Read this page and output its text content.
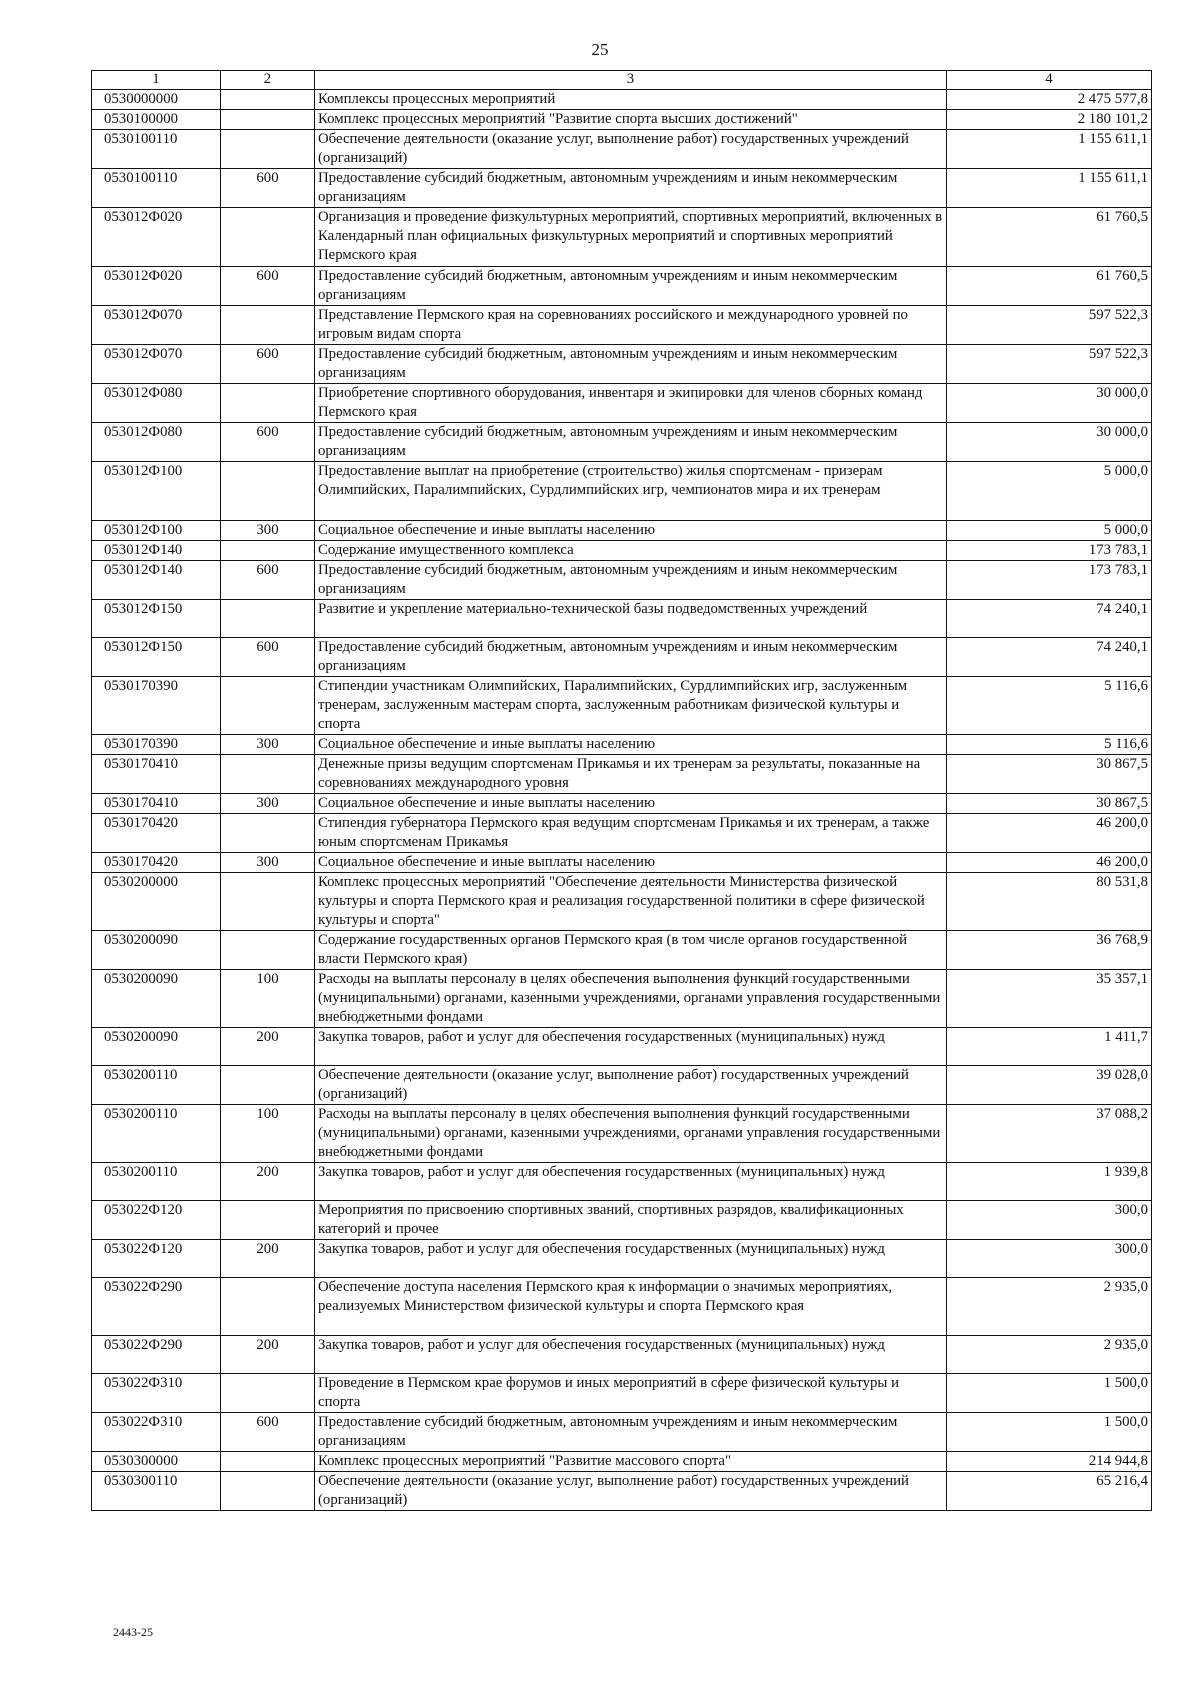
25
1	2	3	4
0530000000		Комплексы процессных мероприятий	2 475 577,8
0530100000		Комплекс процессных мероприятий "Развитие спорта высших достижений"	2 180 101,2
0530100110		Обеспечение деятельности (оказание услуг, выполнение работ) государственных учреждений (организаций)	1 155 611,1
0530100110	600	Предоставление субсидий бюджетным, автономным учреждениям и иным некоммерческим организациям	1 155 611,1
053012Ф020		Организация и проведение физкультурных мероприятий, спортивных мероприятий, включенных в Календарный план официальных физкультурных мероприятий и спортивных мероприятий Пермского края	61 760,5
053012Ф020	600	Предоставление субсидий бюджетным, автономным учреждениям и иным некоммерческим организациям	61 760,5
053012Ф070		Представление Пермского края на соревнованиях российского и международного уровней по игровым видам спорта	597 522,3
053012Ф070	600	Предоставление субсидий бюджетным, автономным учреждениям и иным некоммерческим организациям	597 522,3
053012Ф080		Приобретение спортивного оборудования, инвентаря и экипировки для членов сборных команд Пермского края	30 000,0
053012Ф080	600	Предоставление субсидий бюджетным, автономным учреждениям и иным некоммерческим организациям	30 000,0
053012Ф100		Предоставление выплат на приобретение (строительство) жилья спортсменам - призерам Олимпийских, Паралимпийских, Сурдлимпийских игр, чемпионатов мира и их тренерам	5 000,0
053012Ф100	300	Социальное обеспечение и иные выплаты населению	5 000,0
053012Ф140		Содержание имущественного комплекса	173 783,1
053012Ф140	600	Предоставление субсидий бюджетным, автономным учреждениям и иным некоммерческим организациям	173 783,1
053012Ф150		Развитие и укрепление материально-технической базы подведомственных учреждений	74 240,1
053012Ф150	600	Предоставление субсидий бюджетным, автономным учреждениям и иным некоммерческим организациям	74 240,1
0530170390		Стипендии участникам Олимпийских, Паралимпийских, Сурдлимпийских игр, заслуженным тренерам, заслуженным мастерам спорта, заслуженным работникам физической культуры и спорта	5 116,6
0530170390	300	Социальное обеспечение и иные выплаты населению	5 116,6
0530170410		Денежные призы ведущим спортсменам Прикамья и их тренерам за результаты, показанные на соревнованиях международного уровня	30 867,5
0530170410	300	Социальное обеспечение и иные выплаты населению	30 867,5
0530170420		Стипендия губернатора Пермского края ведущим спортсменам Прикамья и их тренерам, а также юным спортсменам Прикамья	46 200,0
0530170420	300	Социальное обеспечение и иные выплаты населению	46 200,0
0530200000		Комплекс процессных мероприятий "Обеспечение деятельности Министерства физической культуры и спорта Пермского края и реализация государственной политики в сфере физической культуры и спорта"	80 531,8
0530200090		Содержание государственных органов Пермского края (в том числе органов государственной власти Пермского края)	36 768,9
0530200090	100	Расходы на выплаты персоналу в целях обеспечения выполнения функций государственными (муниципальными) органами, казенными учреждениями, органами управления государственными внебюджетными фондами	35 357,1
0530200090	200	Закупка товаров, работ и услуг для обеспечения государственных (муниципальных) нужд	1 411,7
0530200110		Обеспечение деятельности (оказание услуг, выполнение работ) государственных учреждений (организаций)	39 028,0
0530200110	100	Расходы на выплаты персоналу в целях обеспечения выполнения функций государственными (муниципальными) органами, казенными учреждениями, органами управления государственными внебюджетными фондами	37 088,2
0530200110	200	Закупка товаров, работ и услуг для обеспечения государственных (муниципальных) нужд	1 939,8
053022Ф120		Мероприятия по присвоению спортивных званий, спортивных разрядов, квалификационных категорий и прочее	300,0
053022Ф120	200	Закупка товаров, работ и услуг для обеспечения государственных (муниципальных) нужд	300,0
053022Ф290		Обеспечение доступа населения Пермского края к информации о значимых мероприятиях, реализуемых Министерством физической культуры и спорта Пермского края	2 935,0
053022Ф290	200	Закупка товаров, работ и услуг для обеспечения государственных (муниципальных) нужд	2 935,0
053022Ф310		Проведение в Пермском крае форумов и иных мероприятий в сфере физической культуры и спорта	1 500,0
053022Ф310	600	Предоставление субсидий бюджетным, автономным учреждениям и иным некоммерческим организациям	1 500,0
0530300000		Комплекс процессных мероприятий "Развитие массового спорта"	214 944,8
0530300110		Обеспечение деятельности (оказание услуг, выполнение работ) государственных учреждений (организаций)	65 216,4
2443-25
